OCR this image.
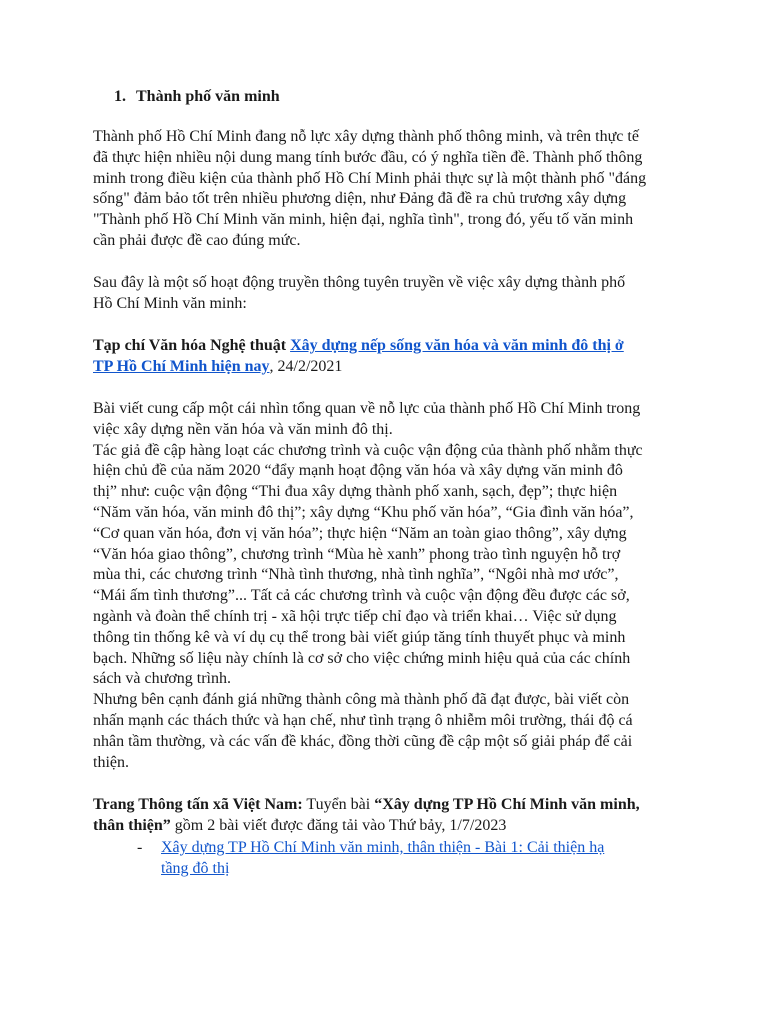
1. Thành phố văn minh
Thành phố Hồ Chí Minh đang nỗ lực xây dựng thành phố thông minh, và trên thực tế
đã thực hiện nhiều nội dung mang tính bước đầu, có ý nghĩa tiền đề. Thành phố thông
minh trong điều kiện của thành phố Hồ Chí Minh phải thực sự là một thành phố "đáng
sống" đảm bảo tốt trên nhiều phương diện, như Đảng đã đề ra chủ trương xây dựng
"Thành phố Hồ Chí Minh văn minh, hiện đại, nghĩa tình", trong đó, yếu tố văn minh
cần phải được đề cao đúng mức.
Sau đây là một số hoạt động truyền thông tuyên truyền về việc xây dựng thành phố
Hồ Chí Minh văn minh:
Tạp chí Văn hóa Nghệ thuật Xây dựng nếp sống văn hóa và văn minh đô thị ở
TP Hồ Chí Minh hiện nay, 24/2/2021
Bài viết cung cấp một cái nhìn tổng quan về nỗ lực của thành phố Hồ Chí Minh trong
việc xây dựng nền văn hóa và văn minh đô thị.
Tác giả đề cập hàng loạt các chương trình và cuộc vận động của thành phố nhằm thực
hiện chủ đề của năm 2020 “đẩy mạnh hoạt động văn hóa và xây dựng văn minh đô
thị” như: cuộc vận động “Thi đua xây dựng thành phố xanh, sạch, đẹp”; thực hiện
“Năm văn hóa, văn minh đô thị”; xây dựng “Khu phố văn hóa”, “Gia đình văn hóa”,
“Cơ quan văn hóa, đơn vị văn hóa”; thực hiện “Năm an toàn giao thông”, xây dựng
“Văn hóa giao thông”, chương trình “Mùa hè xanh” phong trào tình nguyện hỗ trợ
mùa thi, các chương trình “Nhà tình thương, nhà tình nghĩa”, “Ngôi nhà mơ ước”,
“Mái ấm tình thương”... Tất cả các chương trình và cuộc vận động đều được các sở,
ngành và đoàn thể chính trị - xã hội trực tiếp chỉ đạo và triển khai… Việc sử dụng
thông tin thống kê và ví dụ cụ thể trong bài viết giúp tăng tính thuyết phục và minh
bạch. Những số liệu này chính là cơ sở cho việc chứng minh hiệu quả của các chính
sách và chương trình.
Nhưng bên cạnh đánh giá những thành công mà thành phố đã đạt được, bài viết còn
nhấn mạnh các thách thức và hạn chế, như tình trạng ô nhiễm môi trường, thái độ cá
nhân tầm thường, và các vấn đề khác, đồng thời cũng đề cập một số giải pháp để cải
thiện.
Trang Thông tấn xã Việt Nam: Tuyển bài “Xây dựng TP Hồ Chí Minh văn minh,
thân thiện” gồm 2 bài viết được đăng tải vào Thứ bảy, 1/7/2023
- Xây dựng TP Hồ Chí Minh văn minh, thân thiện - Bài 1: Cải thiện hạ
tầng đô thị
